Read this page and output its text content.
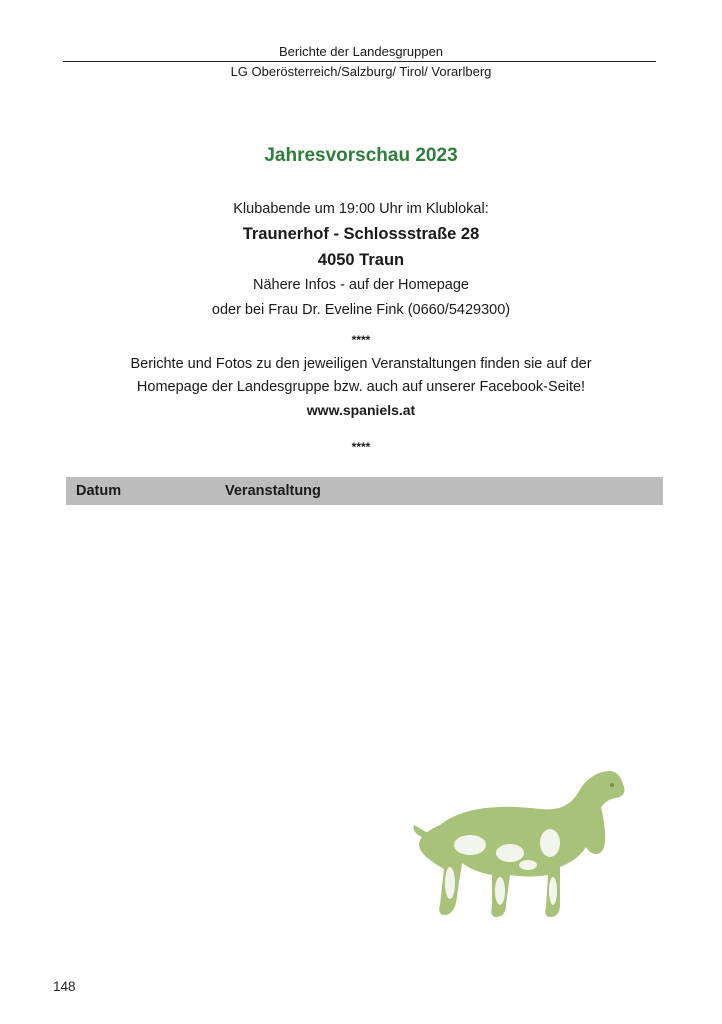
Berichte der Landesgruppen
LG Oberösterreich/Salzburg/ Tirol/ Vorarlberg
Jahresvorschau 2023
Klubabende um 19:00 Uhr im Klublokal:
Traunerhof - Schlossstraße 28
4050 Traun
Nähere Infos - auf der Homepage
oder bei Frau Dr. Eveline Fink (0660/5429300)
****
Berichte und Fotos zu den jeweiligen Veranstaltungen finden sie auf der
Homepage der Landesgruppe bzw. auch auf unserer Facebook-Seite!
www.spaniels.at
****
Datum	Veranstaltung
148
